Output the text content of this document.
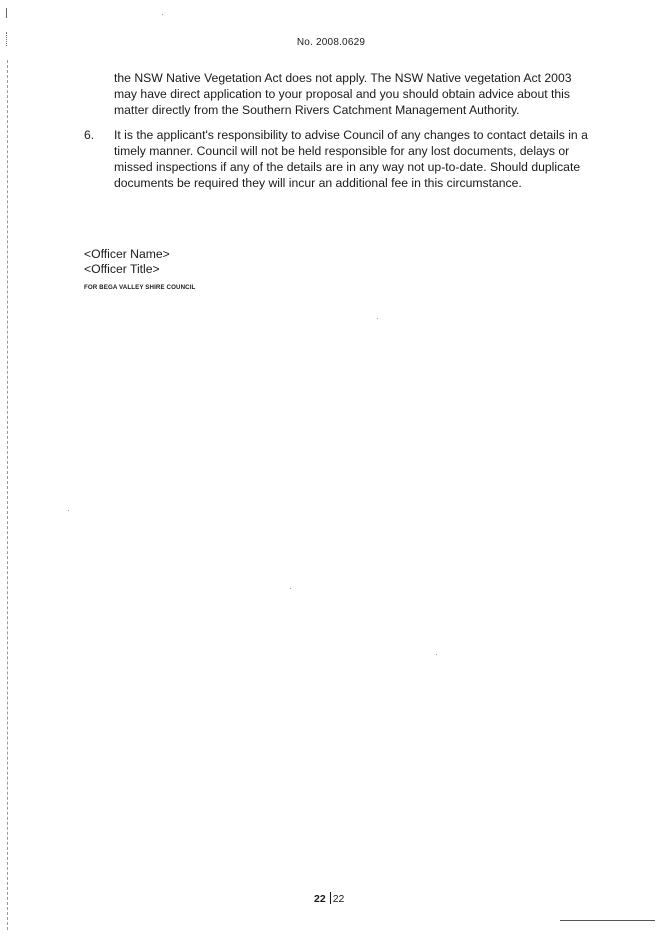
No. 2008.0629
the NSW Native Vegetation Act does not apply. The NSW Native vegetation Act 2003 may have direct application to your proposal and you should obtain advice about this matter directly from the Southern Rivers Catchment Management Authority.
6. It is the applicant's responsibility to advise Council of any changes to contact details in a timely manner. Council will not be held responsible for any lost documents, delays or missed inspections if any of the details are in any way not up-to-date. Should duplicate documents be required they will incur an additional fee in this circumstance.
<Officer Name>
<Officer Title>
FOR BEGA VALLEY SHIRE COUNCIL
22 22
